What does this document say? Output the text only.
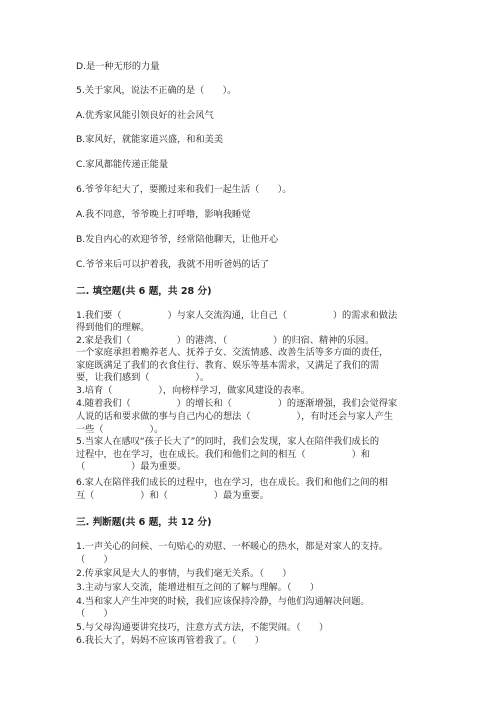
D.是一种无形的力量

5.关于家风，说法不正确的是（　　）。

A.优秀家风能引领良好的社会风气

B.家风好，就能家道兴盛，和和美美

C.家风都能传递正能量

6.爷爷年纪大了，要搬过来和我们一起生活（　　）。

A.我不同意，爷爷晚上打呼噜，影响我睡觉

B.发自内心的欢迎爷爷，经常陪他聊天，让他开心

C.爷爷来后可以护着我，我就不用听爸妈的话了

二. 填空题(共 6 题，共 28 分)

1.我们要（　　　　　）与家人交流沟通，让自己（　　　　　）的需求和做法

得到他们的理解。

2.家是我们（　　　　　）的港湾、（　　　　　）的归宿、精神的乐园。

一个家庭承担着赡养老人、抚养子女、交流情感、改善生活等多方面的责任，

家庭既满足了我们的衣食住行、教育、娱乐等基本需求，又满足了我们的需

要，让我们感到（　　　　　）。

3.培育（　　　　　），向榜样学习，做家风建设的表率。

4.随着我们（　　　　　）的增长和（　　　　　）的逐渐增强，我们会觉得家

人说的话和要求做的事与自己内心的想法（　　　　　），有时还会与家人产生

一些（　　　　　）。

5.当家人在感叹“孩子长大了”的同时，我们会发现，家人在陪伴我们成长的

过程中，也在学习，也在成长。我们和他们之间的相互（　　　　　）和

（　　　　　）最为重要。

6.家人在陪伴我们成长的过程中，也在学习，也在成长。我们和他们之间的相

互（　　　　　）和（　　　　　）最为重要。

三. 判断题(共 6 题，共 12 分)

1.一声关心的问候、一句贴心的劝慰、一杯暖心的热水，都是对家人的支持。

（　　）

2.传承家风是大人的事情，与我们毫无关系。（　　）

3.主动与家人交流，能增进相互之间的了解与理解。（　　）

4.当和家人产生冲突的时候，我们应该保持冷静，与他们沟通解决问题。

（　　）

5.与父母沟通要讲究技巧，注意方式方法，不能哭闹。（　　）

6.我长大了，妈妈不应该再管着我了。（　　）
